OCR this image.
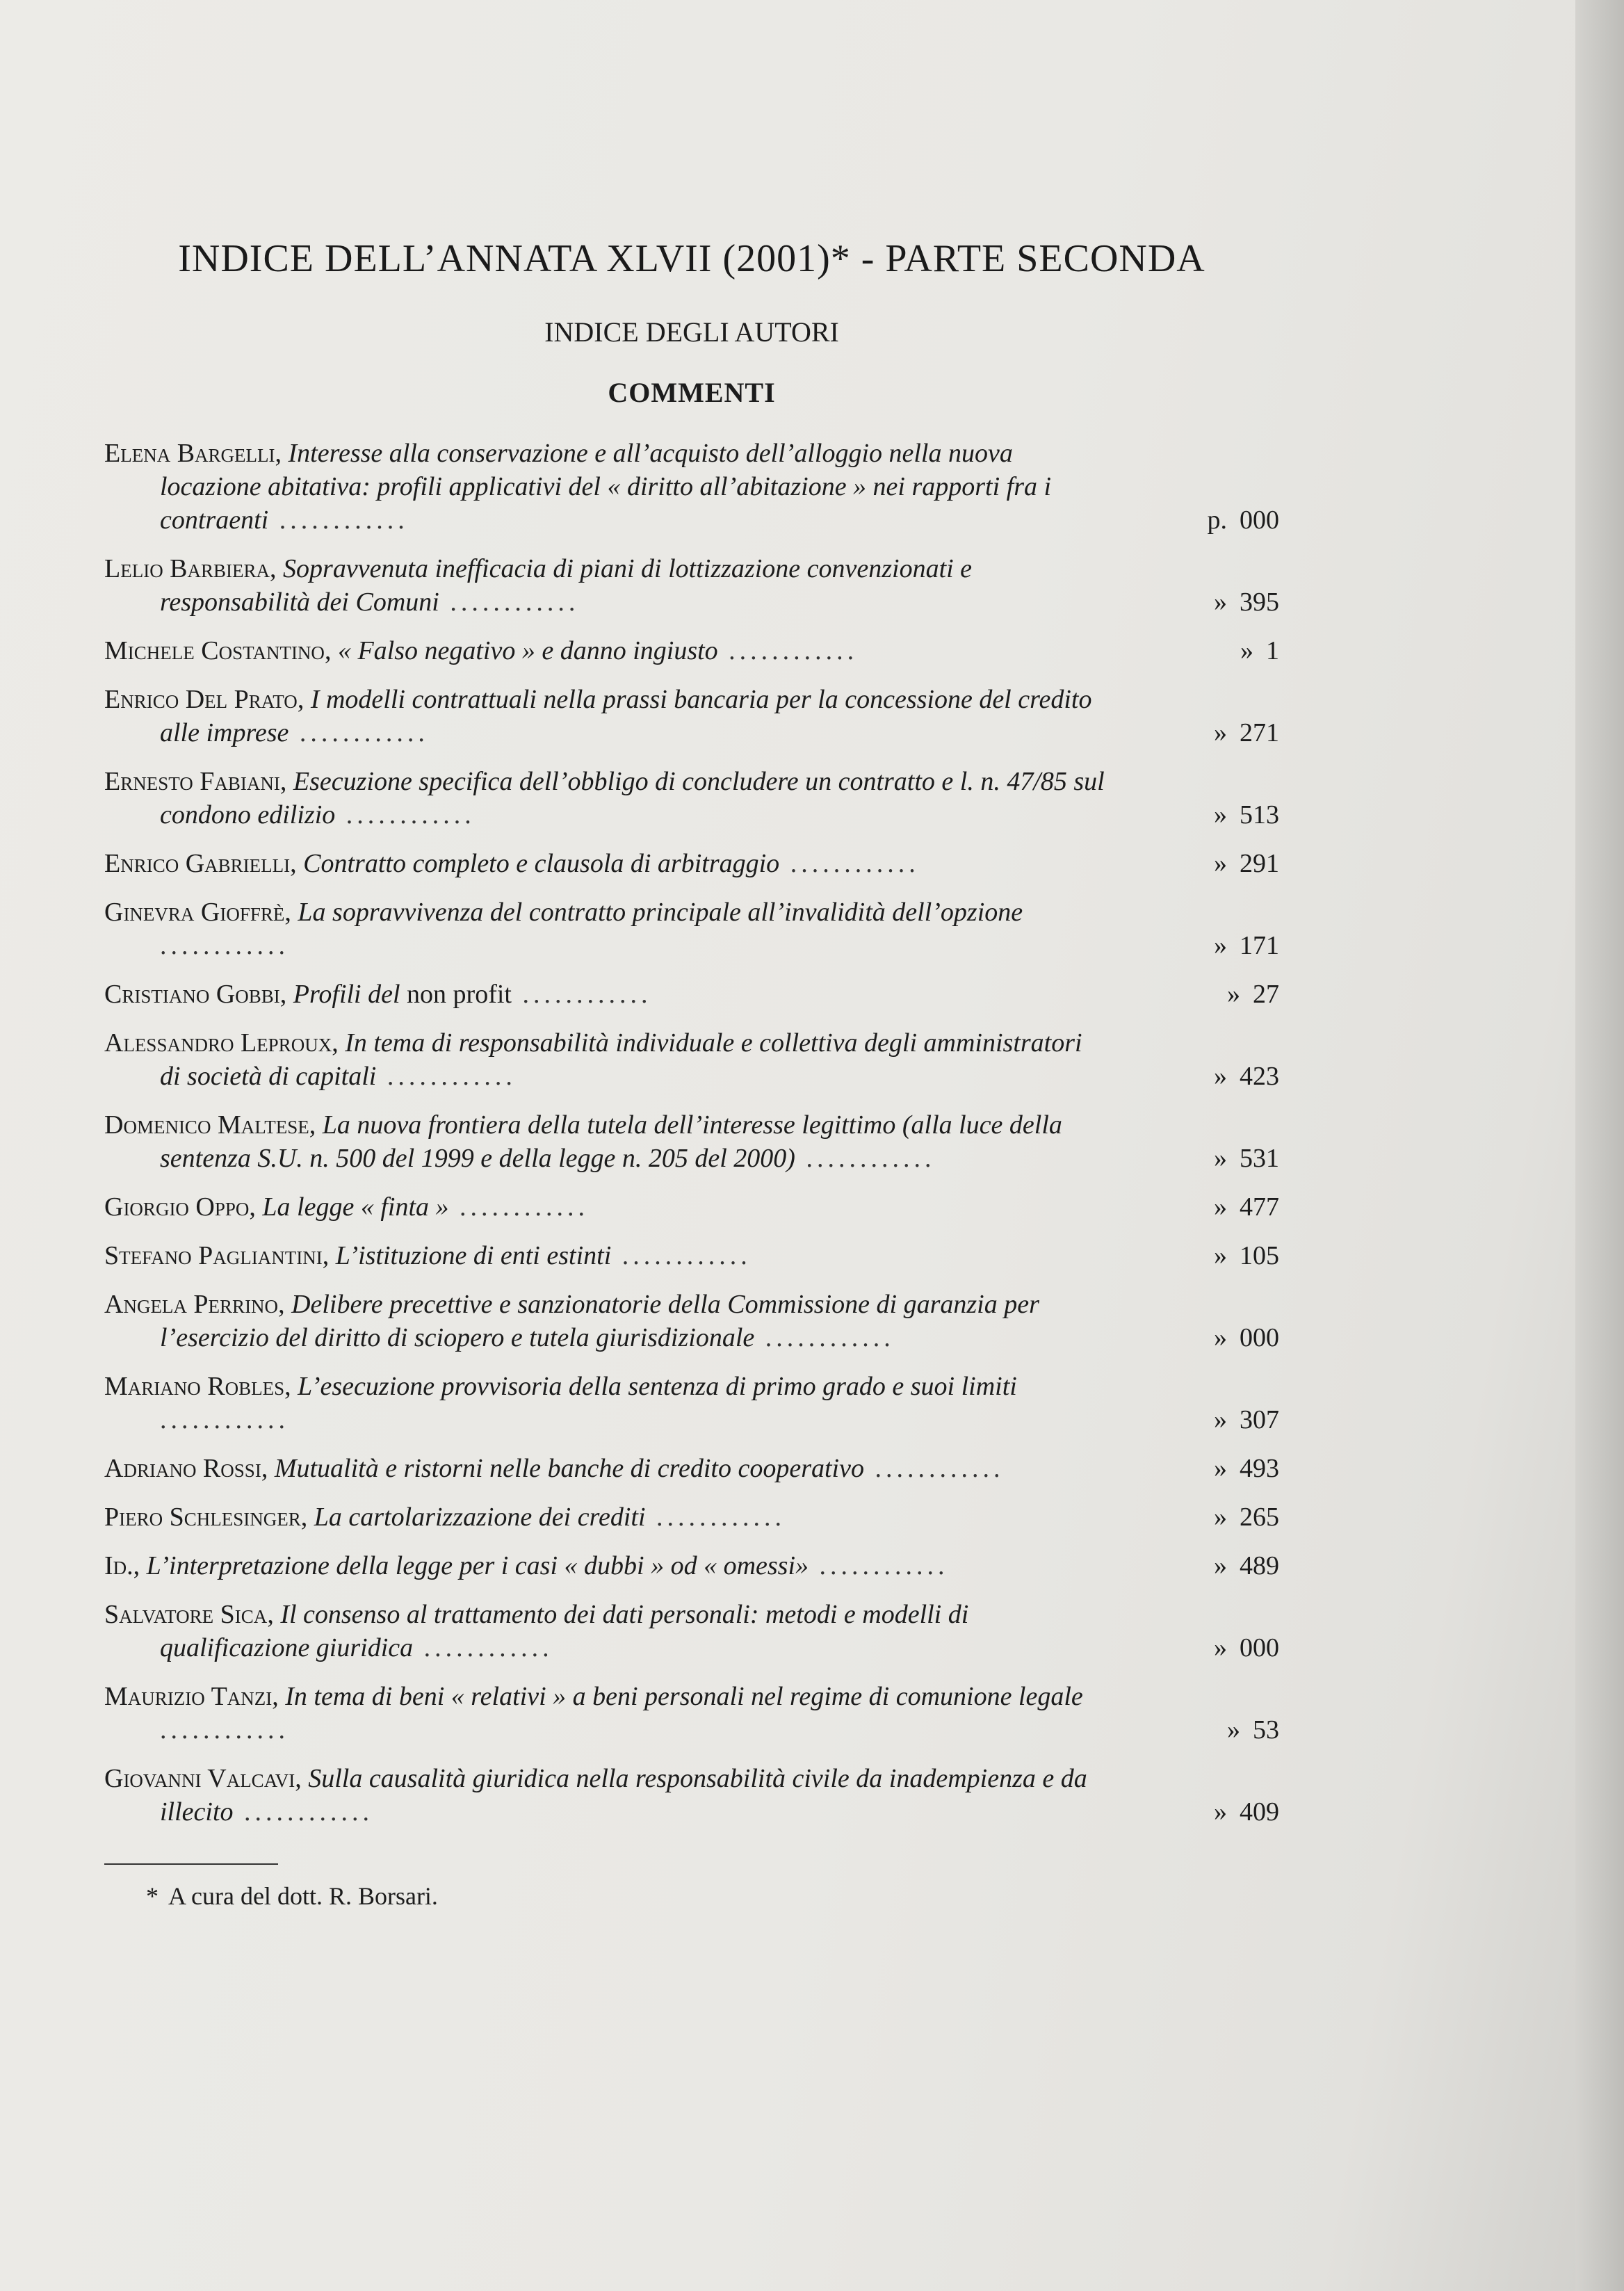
INDICE DELL’ANNATA XLVII (2001)* - PARTE SECONDA
INDICE DEGLI AUTORI
COMMENTI
Elena Bargelli, Interesse alla conservazione e all’acquisto dell’alloggio nella nuova locazione abitativa: profili applicativi del « diritto all’abitazione » nei rapporti fra i contraenti ............	p. 000
Lelio Barbiera, Sopravvenuta inefficacia di piani di lottizzazione convenzionati e responsabilità dei Comuni ............	» 395
Michele Costantino, « Falso negativo » e danno ingiusto ............	» 1
Enrico Del Prato, I modelli contrattuali nella prassi bancaria per la concessione del credito alle imprese ............	» 271
Ernesto Fabiani, Esecuzione specifica dell’obbligo di concludere un contratto e l. n. 47/85 sul condono edilizio ............	» 513
Enrico Gabrielli, Contratto completo e clausola di arbitraggio ............	» 291
Ginevra Gioffrè, La sopravvivenza del contratto principale all’invalidità dell’opzione ............	» 171
Cristiano Gobbi, Profili del non profit ............	» 27
Alessandro Leproux, In tema di responsabilità individuale e collettiva degli amministratori di società di capitali ............	» 423
Domenico Maltese, La nuova frontiera della tutela dell’interesse legittimo (alla luce della sentenza S.U. n. 500 del 1999 e della legge n. 205 del 2000) ............	» 531
Giorgio Oppo, La legge « finta » ............	» 477
Stefano Pagliantini, L’istituzione di enti estinti ............	» 105
Angela Perrino, Delibere precettive e sanzionatorie della Commissione di garanzia per l’esercizio del diritto di sciopero e tutela giurisdizionale ............	» 000
Mariano Robles, L’esecuzione provvisoria della sentenza di primo grado e suoi limiti ............	» 307
Adriano Rossi, Mutualità e ristorni nelle banche di credito cooperativo ............	» 493
Piero Schlesinger, La cartolarizzazione dei crediti ............	» 265
Id., L’interpretazione della legge per i casi « dubbi » od « omessi» ............	» 489
Salvatore Sica, Il consenso al trattamento dei dati personali: metodi e modelli di qualificazione giuridica ............	» 000
Maurizio Tanzi, In tema di beni « relativi » a beni personali nel regime di comunione legale ............	» 53
Giovanni Valcavi, Sulla causalità giuridica nella responsabilità civile da inadempienza e da illecito ............	» 409
* A cura del dott. R. Borsari.
